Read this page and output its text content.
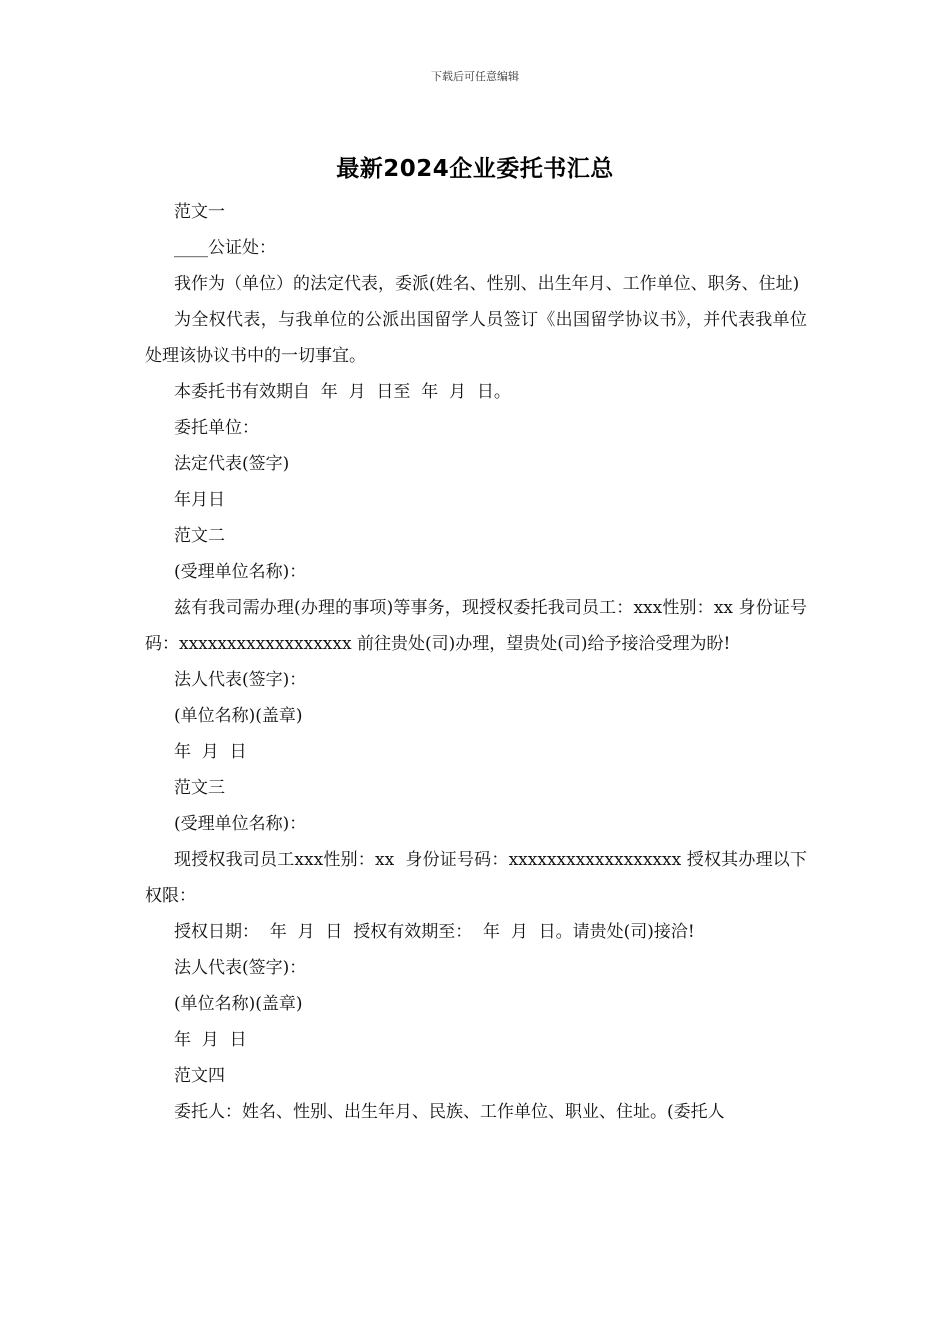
下载后可任意编辑
最新2024企业委托书汇总

范文一

____公证处：

我作为（单位）的法定代表，委派(姓名、性别、出生年月、工作单位、职务、住址)

为全权代表，与我单位的公派出国留学人员签订《出国留学协议书》，并代表我单位处理该协议书中的一切事宜。

本委托书有效期自  年  月  日至  年  月  日。

委托单位：

法定代表(签字)

年月日

范文二

(受理单位名称)：

兹有我司需办理(办理的事项)等事务，现授权委托我司员工：xxx性别：xx 身份证号码：xxxxxxxxxxxxxxxxxx 前往贵处(司)办理，望贵处(司)给予接洽受理为盼!

法人代表(签字)：

(单位名称)(盖章)

年  月  日

范文三

(受理单位名称)：

现授权我司员工xxx性别：xx  身份证号码：xxxxxxxxxxxxxxxxxx 授权其办理以下权限：

授权日期：  年  月  日  授权有效期至：  年  月  日。请贵处(司)接洽!

法人代表(签字)：

(单位名称)(盖章)

年  月  日

范文四

委托人：姓名、性别、出生年月、民族、工作单位、职业、住址。(委托人
